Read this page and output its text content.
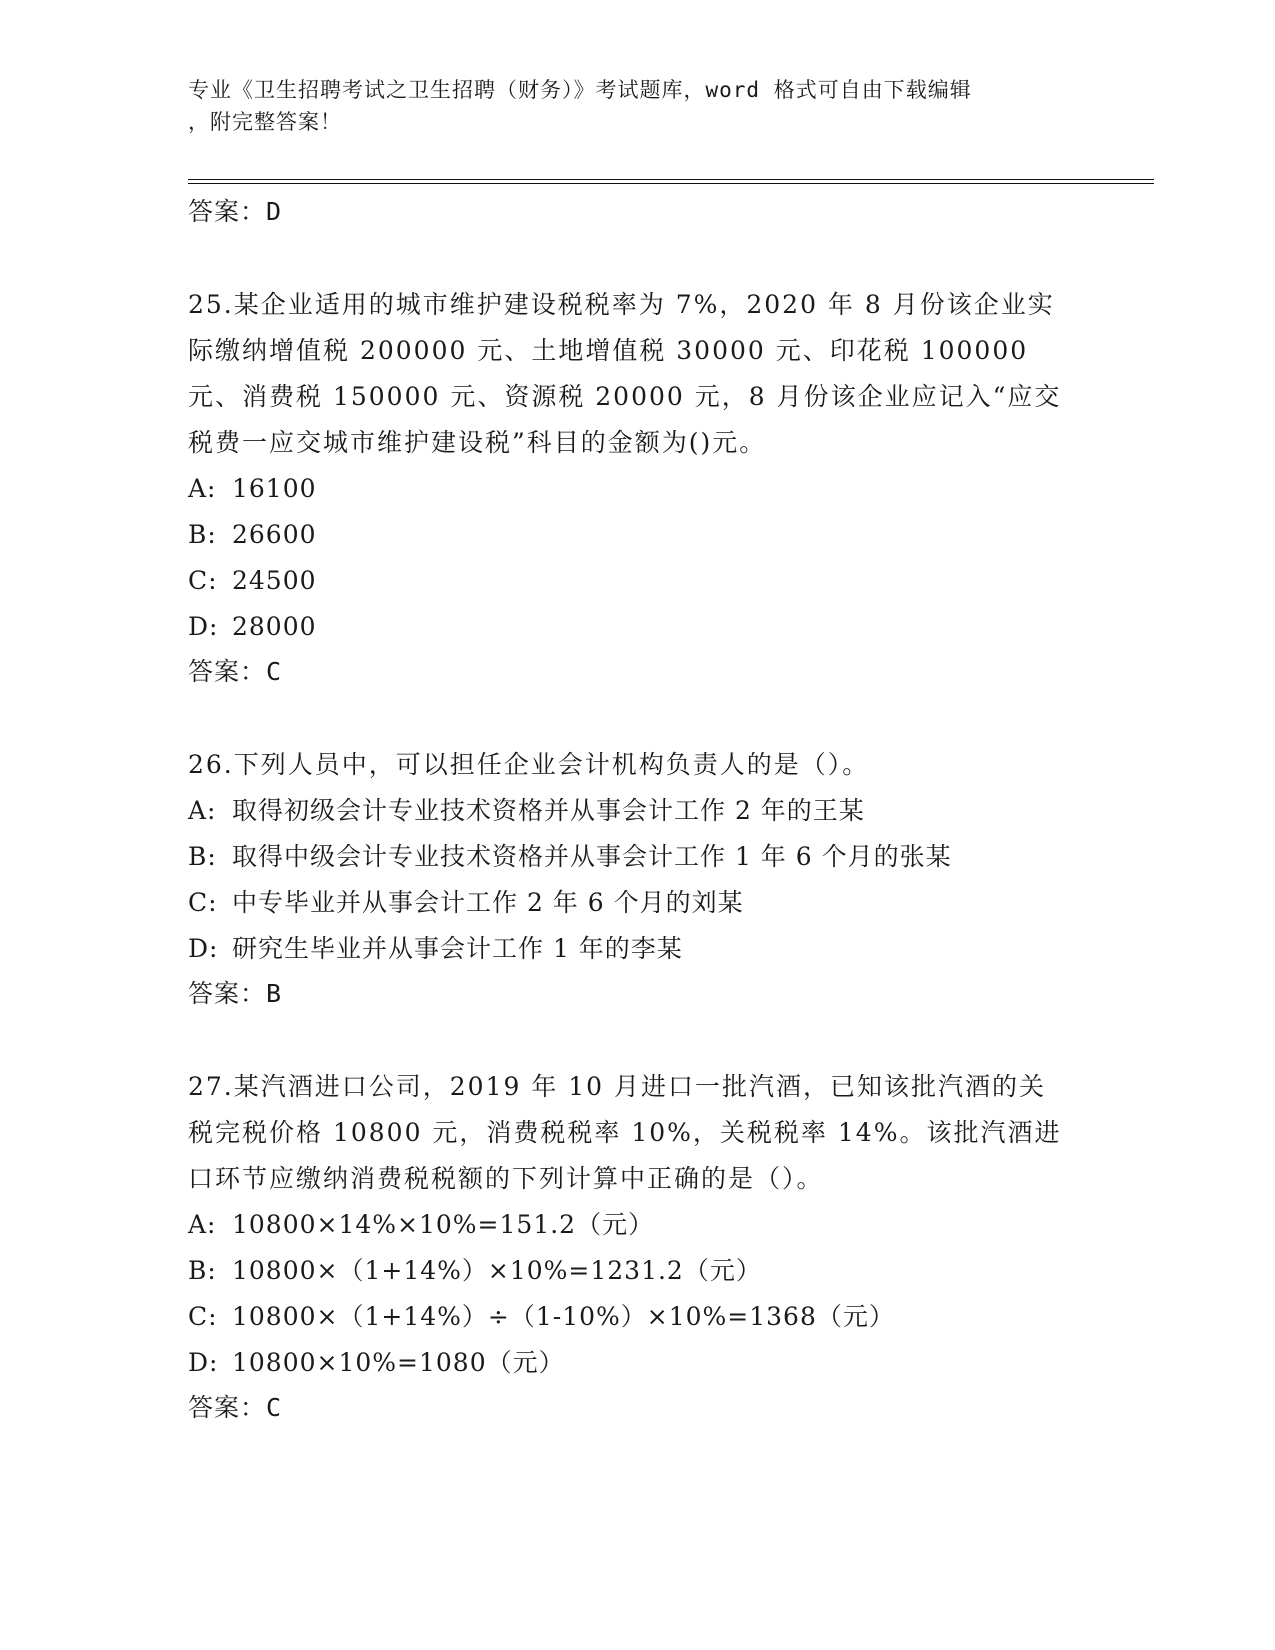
专业《卫生招聘考试之卫生招聘（财务）》考试题库，word 格式可自由下载编辑
，附完整答案！
答案：D
25.某企业适用的城市维护建设税税率为 7%，2020 年 8 月份该企业实际缴纳增值税 200000 元、土地增值税 30000 元、印花税 100000 元、消费税 150000 元、资源税 20000 元，8 月份该企业应记入“应交税费一应交城市维护建设税”科目的金额为()元。
A: 16100
B: 26600
C: 24500
D: 28000
答案：C
26.下列人员中，可以担任企业会计机构负责人的是（）。
A: 取得初级会计专业技术资格并从事会计工作 2 年的王某
B: 取得中级会计专业技术资格并从事会计工作 1 年 6 个月的张某
C: 中专毕业并从事会计工作 2 年 6 个月的刘某
D: 研究生毕业并从事会计工作 1 年的李某
答案：B
27.某汽酒进口公司，2019 年 10 月进口一批汽酒，已知该批汽酒的关税完税价格 10800 元，消费税税率 10%，关税税率 14%。该批汽酒进口环节应缴纳消费税税额的下列计算中正确的是（）。
A: 10800×14%×10%=151.2（元）
B: 10800×（1+14%）×10%=1231.2（元）
C: 10800×（1+14%）÷（1-10%）×10%=1368（元）
D: 10800×10%=1080（元）
答案：C
